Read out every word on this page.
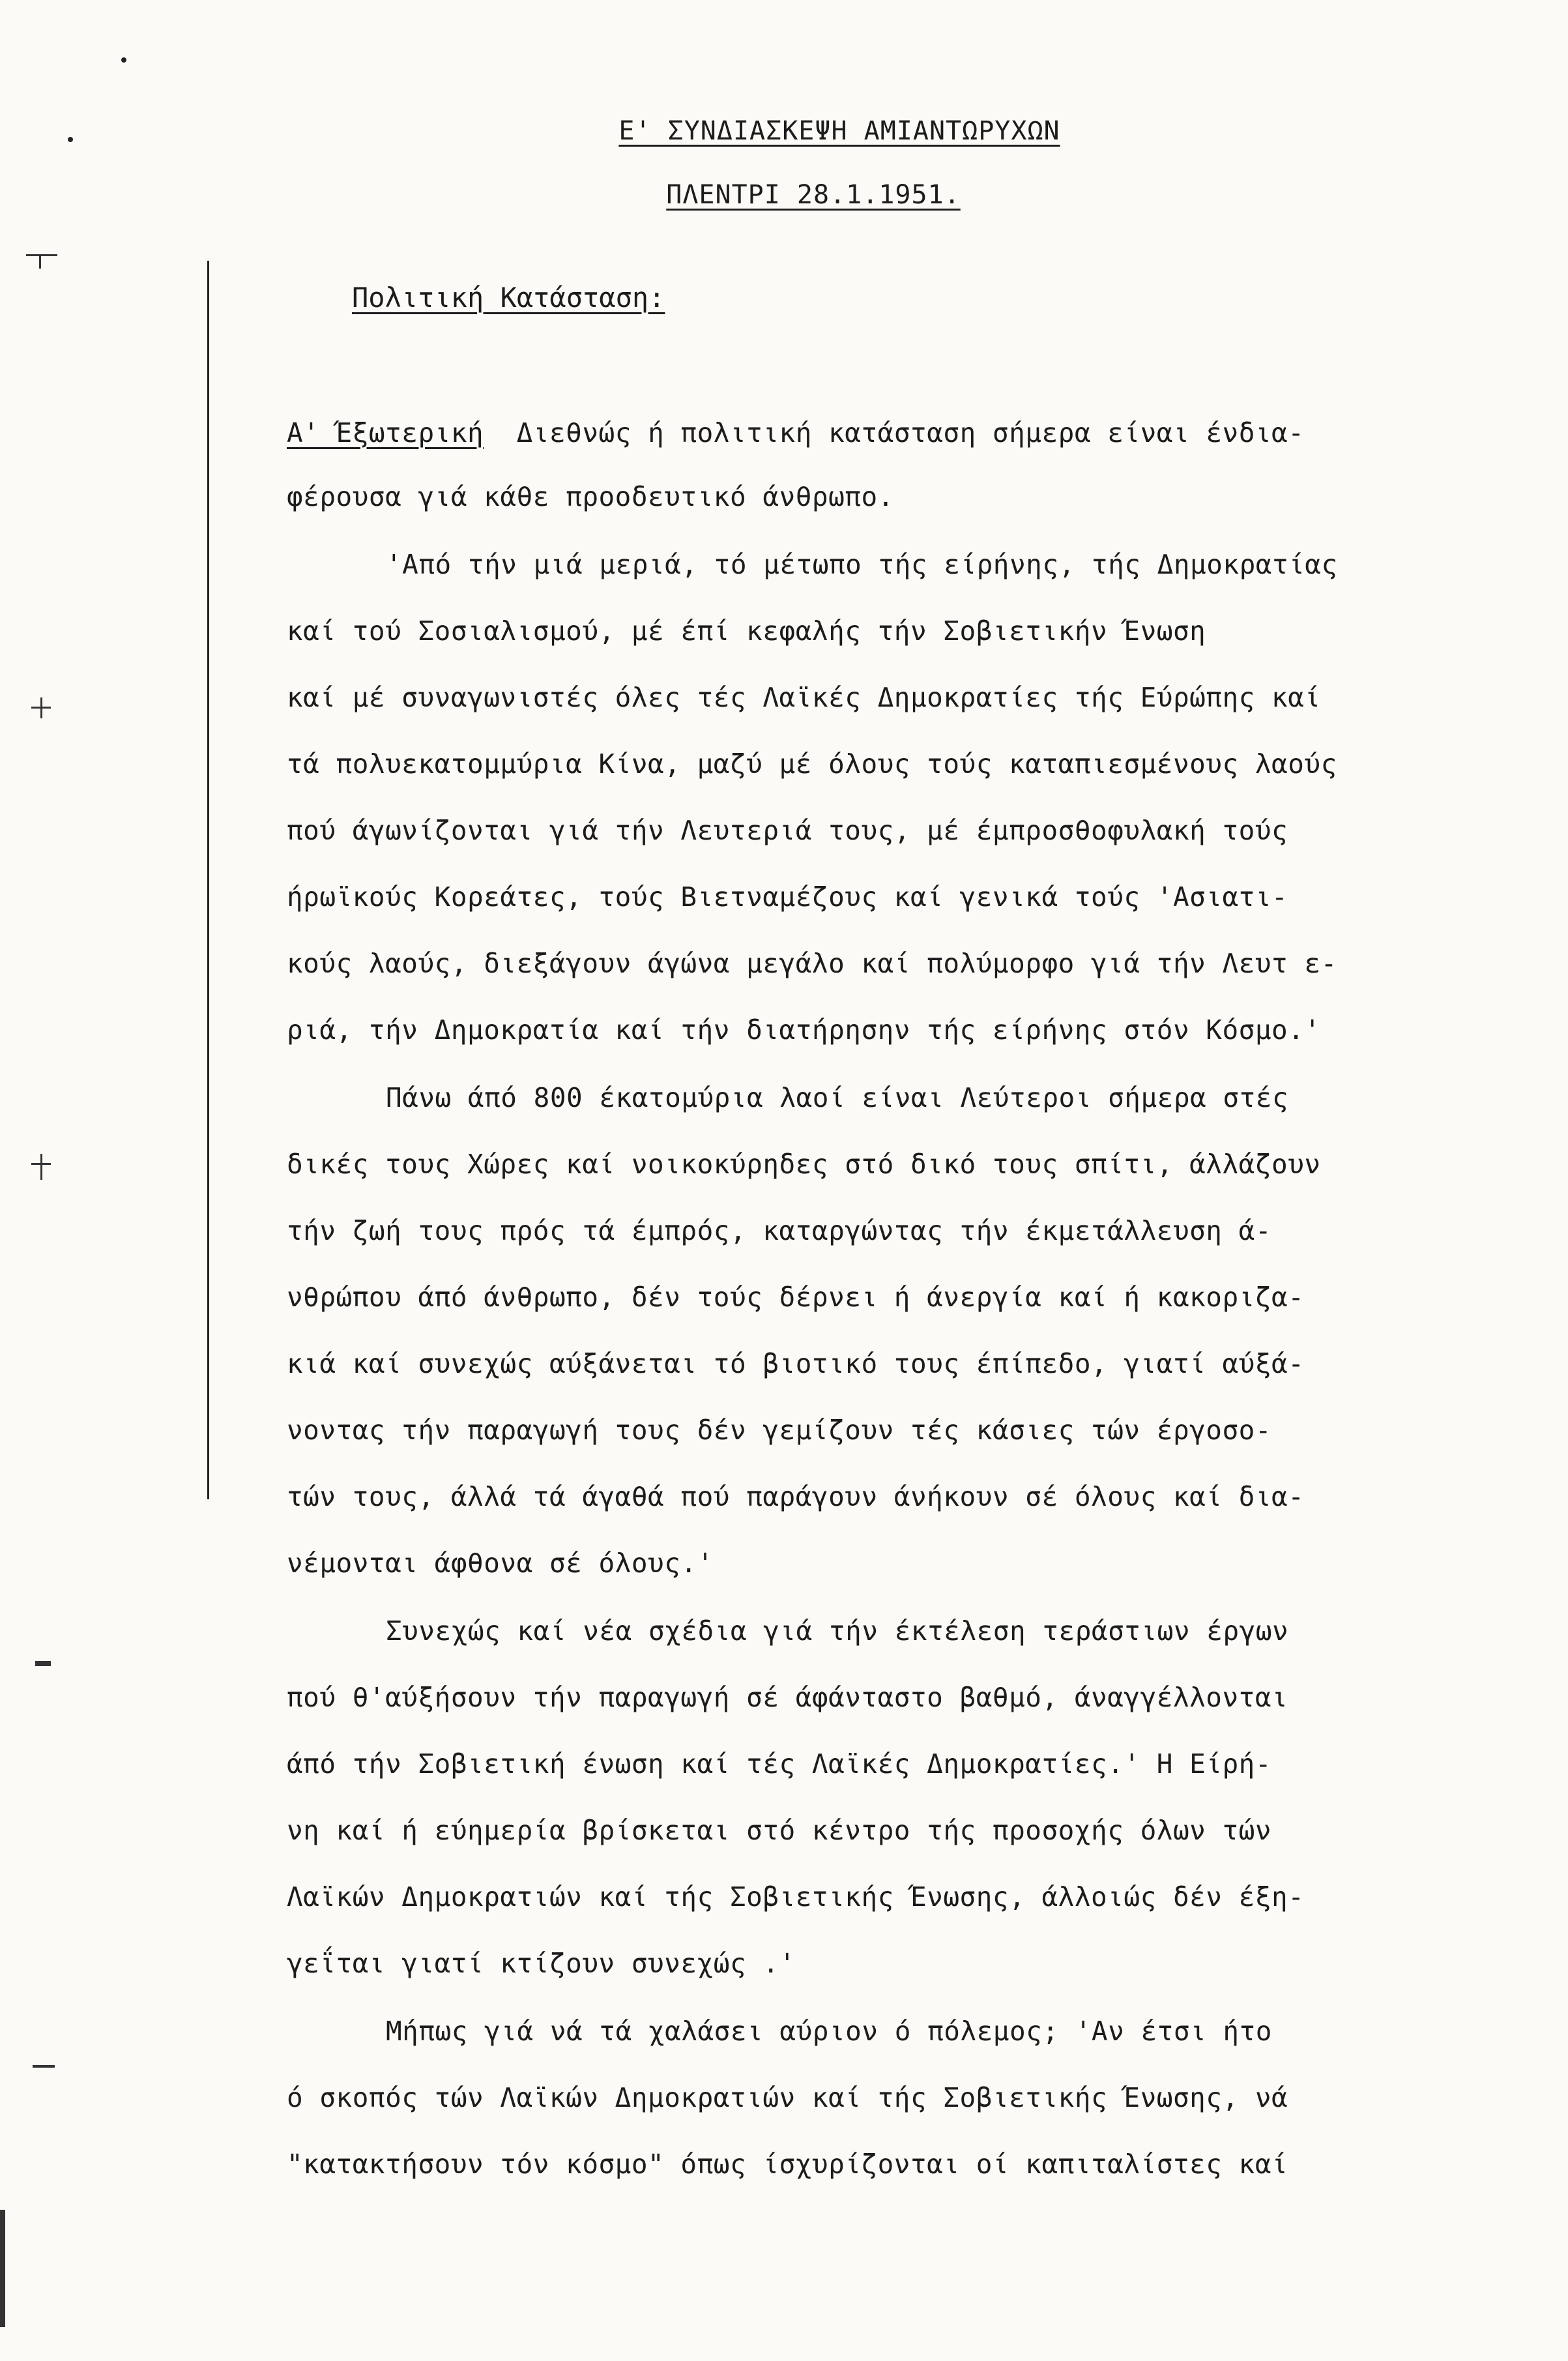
Ε' ΣΥΝΔΙΑΣΚΕΨΗ ΑΜΙΑΝΤΩΡΥΧΩΝ
ΠΛΕΝΤΡΙ 28.1.1951.
Πολιτική Κατάσταση:
Α' Έξωτερική Διεθνώς ή πολιτική κατάσταση σήμερα είναι ένδια-
φέρουσα γιά κάθε προοδευτικό άνθρωπο.
'Από τήν μιά μεριά, τό μέτωπο τής είρήνης, τής Δημοκρατίας
καί τού Σοσιαλισμού, μέ έπί κεφαλής τήν Σοβιετικήν Ένωση
καί μέ συναγωνιστές όλες τές Λαϊκές Δημοκρατίες τής Εύρώπης καί
τά πολυεκατομμύρια Κίνα, μαζύ μέ όλους τούς καταπιεσμένους λαούς
πού άγωνίζονται γιά τήν Λευτεριά τους, μέ έμπροσθοφυλακή τούς
ήρωϊκούς Κορεάτες, τούς Βιετναμέζους καί γενικά τούς 'Ασιατι-
κούς λαούς, διεξάγουν άγώνα μεγάλο καί πολύμορφο γιά τήν Λευτ ε-
ριά, τήν Δημοκρατία καί τήν διατήρησην τής είρήνης στόν Κόσμο.'
Πάνω άπό 800 έκατομύρια λαοί είναι Λεύτεροι σήμερα στές
δικές τους Χώρες καί νοικοκύρηδες στό δικό τους σπίτι, άλλάζουν
τήν ζωή τους πρός τά έμπρός, καταργώντας τήν έκμετάλλευση ά-
νθρώπου άπό άνθρωπο, δέν τούς δέρνει ή άνεργία καί ή κακοριζα-
κιά καί συνεχώς αύξάνεται τό βιοτικό τους έπίπεδο, γιατί αύξά-
νοντας τήν παραγωγή τους δέν γεμίζουν τές κάσιες τών έργοσο-
τών τους, άλλά τά άγαθά πού παράγουν άνήκουν σέ όλους καί δια-
νέμονται άφθονα σέ όλους.'
Συνεχώς καί νέα σχέδια γιά τήν έκτέλεση τεράστιων έργων
πού θ'αύξήσουν τήν παραγωγή σέ άφάνταστο βαθμό, άναγγέλλονται
άπό τήν Σοβιετική ένωση καί τές Λαϊκές Δημοκρατίες.' Η Είρή-
νη καί ή εύημερία βρίσκεται στό κέντρο τής προσοχής όλων τών
Λαϊκών Δημοκρατιών καί τής Σοβιετικής Ένωσης, άλλοιώς δέν έξη-
γεΐται γιατί κτίζουν συνεχώς .'
Μήπως γιά νά τά χαλάσει αύριον ό πόλεμος; 'Αν έτσι ήτο
ό σκοπός τών Λαϊκών Δημοκρατιών καί τής Σοβιετικής Ένωσης, νά
"κατακτήσουν τόν κόσμο" όπως ίσχυρίζονται οί καπιταλίστες καί
